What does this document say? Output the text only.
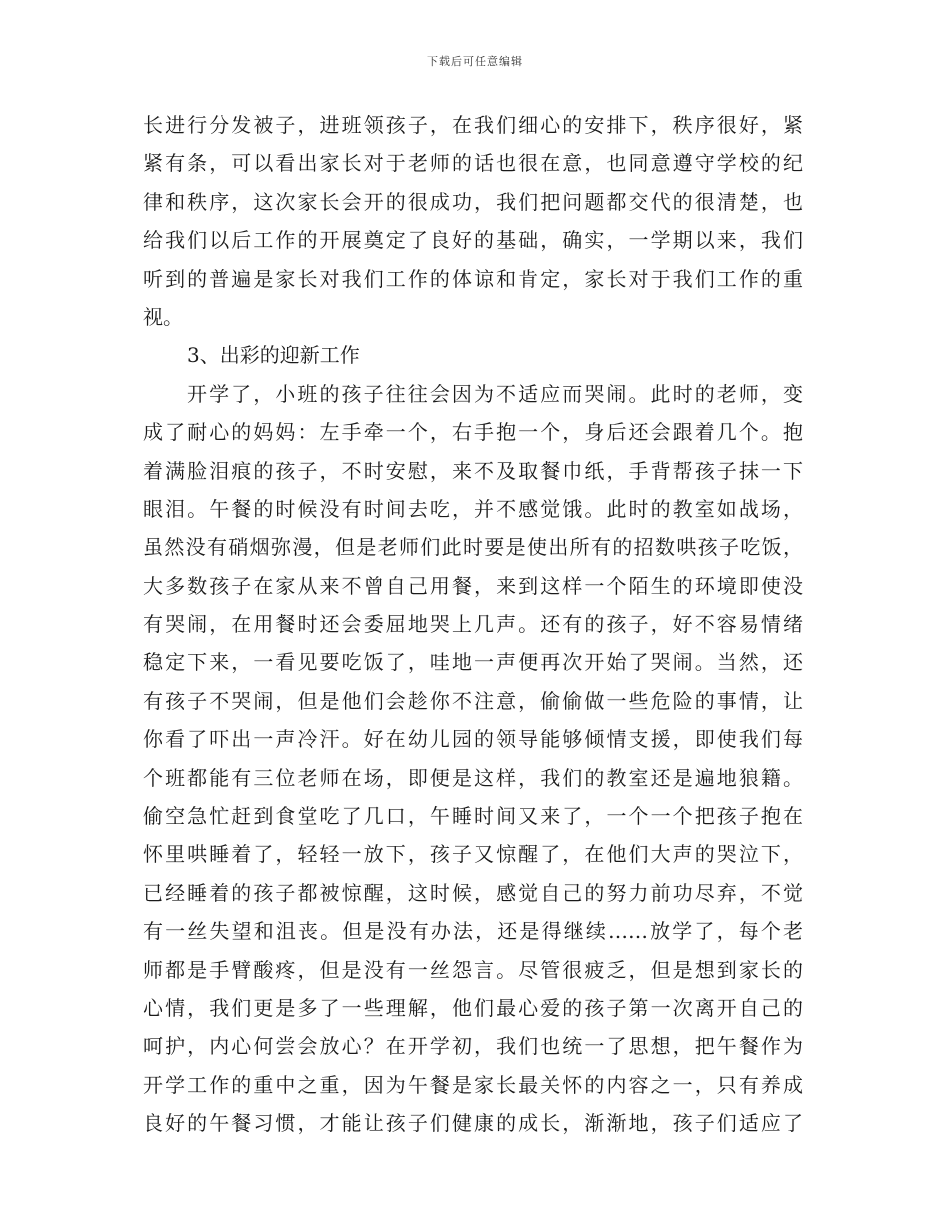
下载后可任意编辑
长进行分发被子，进班领孩子，在我们细心的安排下，秩序很好，紧
紧有条，可以看出家长对于老师的话也很在意，也同意遵守学校的纪
律和秩序，这次家长会开的很成功，我们把问题都交代的很清楚，也
给我们以后工作的开展奠定了良好的基础，确实，一学期以来，我们
听到的普遍是家长对我们工作的体谅和肯定，家长对于我们工作的重
视。
3、出彩的迎新工作
开学了，小班的孩子往往会因为不适应而哭闹。此时的老师，变
成了耐心的妈妈：左手牵一个，右手抱一个，身后还会跟着几个。抱
着满脸泪痕的孩子，不时安慰，来不及取餐巾纸，手背帮孩子抹一下
眼泪。午餐的时候没有时间去吃，并不感觉饿。此时的教室如战场，
虽然没有硝烟弥漫，但是老师们此时要是使出所有的招数哄孩子吃饭，
大多数孩子在家从来不曾自己用餐，来到这样一个陌生的环境即使没
有哭闹，在用餐时还会委屈地哭上几声。还有的孩子，好不容易情绪
稳定下来，一看见要吃饭了，哇地一声便再次开始了哭闹。当然，还
有孩子不哭闹，但是他们会趁你不注意，偷偷做一些危险的事情，让
你看了吓出一声冷汗。好在幼儿园的领导能够倾情支援，即使我们每
个班都能有三位老师在场，即便是这样，我们的教室还是遍地狼籍。
偷空急忙赶到食堂吃了几口，午睡时间又来了，一个一个把孩子抱在
怀里哄睡着了，轻轻一放下，孩子又惊醒了，在他们大声的哭泣下，
已经睡着的孩子都被惊醒，这时候，感觉自己的努力前功尽弃，不觉
有一丝失望和沮丧。但是没有办法，还是得继续……放学了，每个老
师都是手臂酸疼，但是没有一丝怨言。尽管很疲乏，但是想到家长的
心情，我们更是多了一些理解，他们最心爱的孩子第一次离开自己的
呵护，内心何尝会放心？在开学初，我们也统一了思想，把午餐作为
开学工作的重中之重，因为午餐是家长最关怀的内容之一，只有养成
良好的午餐习惯，才能让孩子们健康的成长，渐渐地，孩子们适应了
